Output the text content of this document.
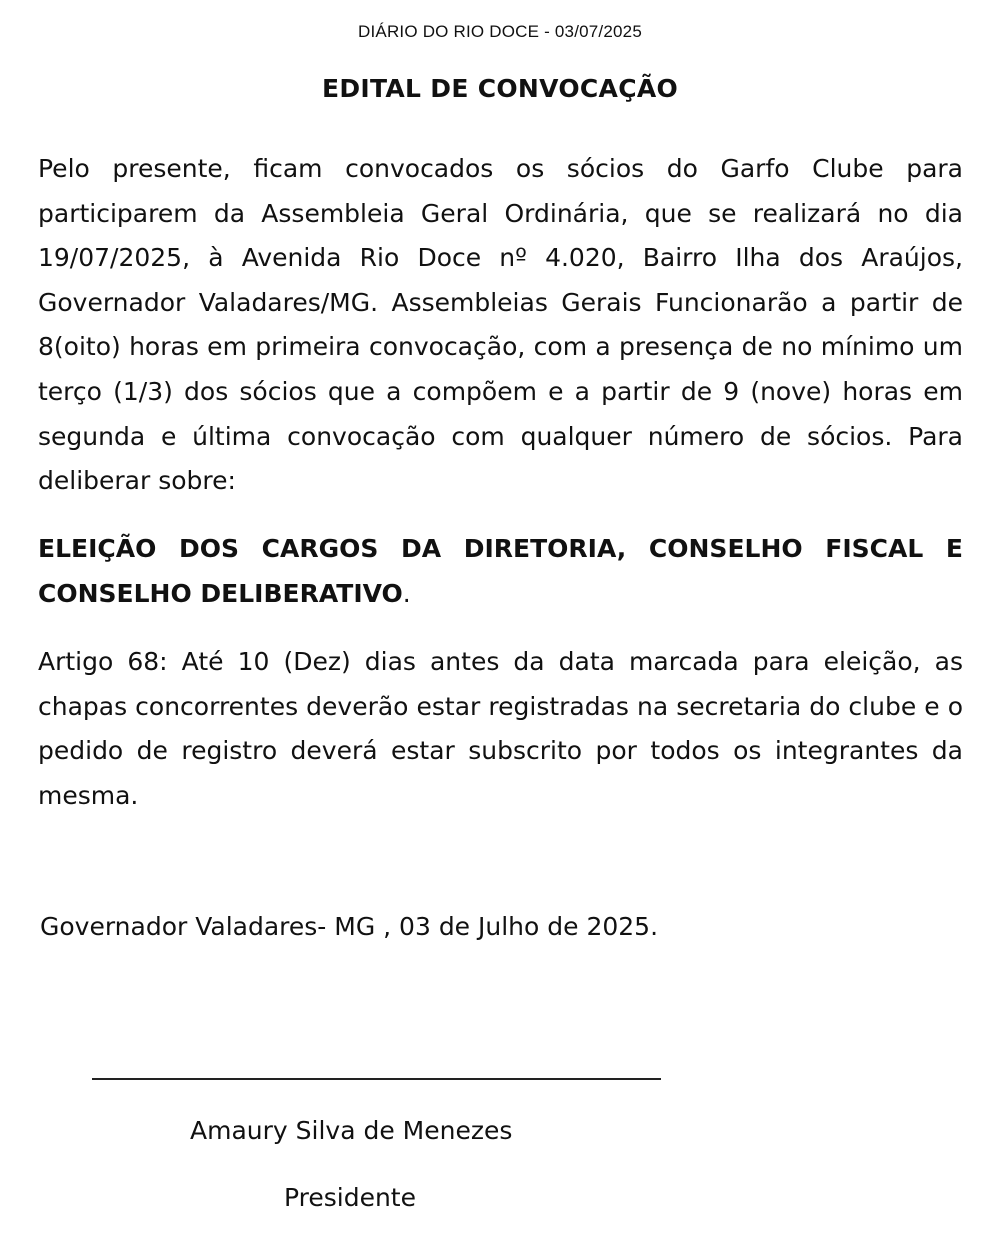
DIÁRIO DO RIO DOCE - 03/07/2025
EDITAL DE CONVOCAÇÃO

Pelo presente, ficam convocados os sócios do Garfo Clube para participarem da Assembleia Geral Ordinária, que se realizará no dia 19/07/2025, à Avenida Rio Doce nº 4.020, Bairro Ilha dos Araújos, Governador Valadares/MG. Assembleias Gerais Funcionarão a partir de 8(oito) horas em primeira convocação, com a presença de no mínimo um terço (1/3) dos sócios que a compõem e a partir de 9 (nove) horas em segunda e última convocação com qualquer número de sócios. Para deliberar sobre:

ELEIÇÃO DOS CARGOS DA DIRETORIA, CONSELHO FISCAL E CONSELHO DELIBERATIVO.

Artigo 68: Até 10 (Dez) dias antes da data marcada para eleição, as chapas concorrentes deverão estar registradas na secretaria do clube e o pedido de registro deverá estar subscrito por todos os integrantes da mesma.

Governador Valadares- MG , 03 de Julho de 2025.
Amaury Silva de Menezes
Presidente
